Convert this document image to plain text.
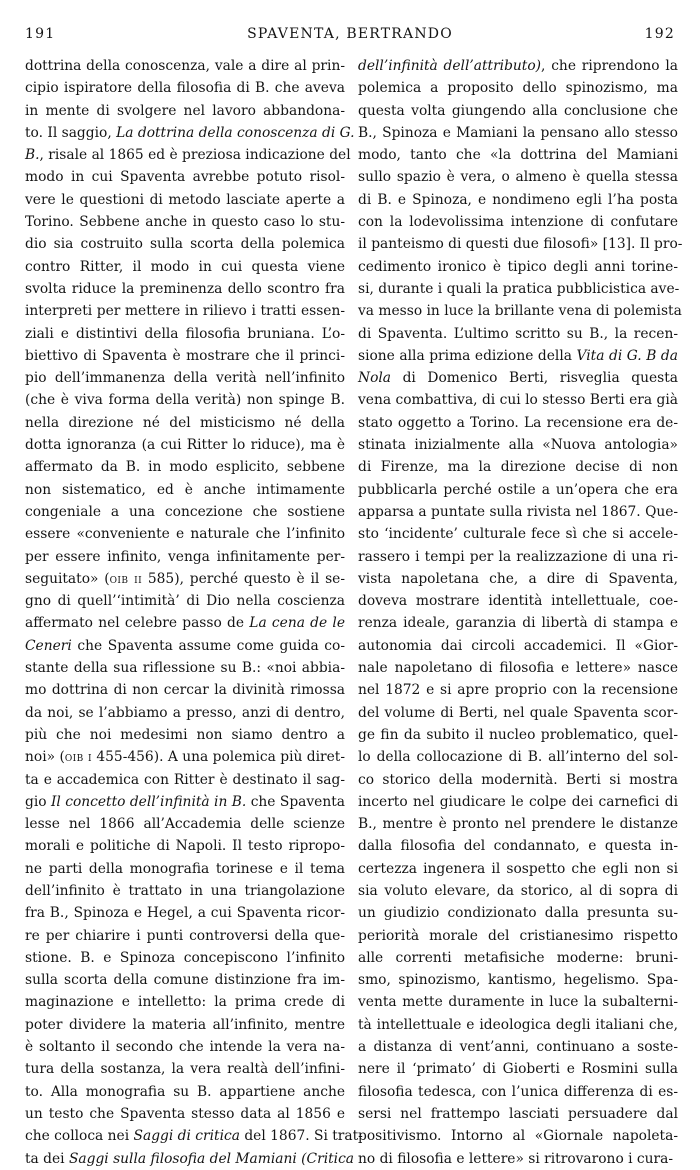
191	SPAVENTA, BERTRANDO	192
dottrina della conoscenza, vale a dire al prin-
cipio ispiratore della filosofia di B. che aveva
in mente di svolgere nel lavoro abbandona-
to. Il saggio, La dottrina della conoscenza di G.
B., risale al 1865 ed è preziosa indicazione del
modo in cui Spaventa avrebbe potuto risol-
vere le questioni di metodo lasciate aperte a
Torino. Sebbene anche in questo caso lo stu-
dio sia costruito sulla scorta della polemica
contro Ritter, il modo in cui questa viene
svolta riduce la preminenza dello scontro fra
interpreti per mettere in rilievo i tratti essen-
ziali e distintivi della filosofia bruniana. L’o-
biettivo di Spaventa è mostrare che il princi-
pio dell’immanenza della verità nell’infinito
(che è viva forma della verità) non spinge B.
nella direzione né del misticismo né della
dotta ignoranza (a cui Ritter lo riduce), ma è
affermato da B. in modo esplicito, sebbene
non sistematico, ed è anche intimamente
congeniale a una concezione che sostiene
essere «conveniente e naturale che l’infinito
per essere infinito, venga infinitamente per-
seguitato» (oib ii 585), perché questo è il se-
gno di quell’‘intimità’ di Dio nella coscienza
affermato nel celebre passo de La cena de le
Ceneri che Spaventa assume come guida co-
stante della sua riflessione su B.: «noi abbia-
mo dottrina di non cercar la divinità rimossa
da noi, se l’abbiamo a presso, anzi di dentro,
più che noi medesimi non siamo dentro a
noi» (oib i 455-456). A una polemica più diret-
ta e accademica con Ritter è destinato il sag-
gio Il concetto dell’infinità in B. che Spaventa
lesse nel 1866 all’Accademia delle scienze
morali e politiche di Napoli. Il testo ripropo-
ne parti della monografia torinese e il tema
dell’infinito è trattato in una triangolazione
fra B., Spinoza e Hegel, a cui Spaventa ricor-
re per chiarire i punti controversi della que-
stione. B. e Spinoza concepiscono l’infinito
sulla scorta della comune distinzione fra im-
maginazione e intelletto: la prima crede di
poter dividere la materia all’infinito, mentre
è soltanto il secondo che intende la vera na-
tura della sostanza, la vera realtà dell’infini-
to. Alla monografia su B. appartiene anche
un testo che Spaventa stesso data al 1856 e
che colloca nei Saggi di critica del 1867. Si trat-
ta dei Saggi sulla filosofia del Mamiani (Critica
dell’infinità dell’attributo), che riprendono la
polemica a proposito dello spinozismo, ma
questa volta giungendo alla conclusione che
B., Spinoza e Mamiani la pensano allo stesso
modo, tanto che «la dottrina del Mamiani
sullo spazio è vera, o almeno è quella stessa
di B. e Spinoza, e nondimeno egli l’ha posta
con la lodevolissima intenzione di confutare
il panteismo di questi due filosofi» [13]. Il pro-
cedimento ironico è tipico degli anni torine-
si, durante i quali la pratica pubblicistica ave-
va messo in luce la brillante vena di polemista
di Spaventa. L’ultimo scritto su B., la recen-
sione alla prima edizione della Vita di G. B da
Nola di Domenico Berti, risveglia questa
vena combattiva, di cui lo stesso Berti era già
stato oggetto a Torino. La recensione era de-
stinata inizialmente alla «Nuova antologia»
di Firenze, ma la direzione decise di non
pubblicarla perché ostile a un’opera che era
apparsa a puntate sulla rivista nel 1867. Que-
sto ‘incidente’ culturale fece sì che si accele-
rassero i tempi per la realizzazione di una ri-
vista napoletana che, a dire di Spaventa,
doveva mostrare identità intellettuale, coe-
renza ideale, garanzia di libertà di stampa e
autonomia dai circoli accademici. Il «Gior-
nale napoletano di filosofia e lettere» nasce
nel 1872 e si apre proprio con la recensione
del volume di Berti, nel quale Spaventa scor-
ge fin da subito il nucleo problematico, quel-
lo della collocazione di B. all’interno del sol-
co storico della modernità. Berti si mostra
incerto nel giudicare le colpe dei carnefici di
B., mentre è pronto nel prendere le distanze
dalla filosofia del condannato, e questa in-
certezza ingenera il sospetto che egli non si
sia voluto elevare, da storico, al di sopra di
un giudizio condizionato dalla presunta su-
periorità morale del cristianesimo rispetto
alle correnti metafisiche moderne: bruni-
smo, spinozismo, kantismo, hegelismo. Spa-
venta mette duramente in luce la subalterni-
tà intellettuale e ideologica degli italiani che,
a distanza di vent’anni, continuano a soste-
nere il ‘primato’ di Gioberti e Rosmini sulla
filosofia tedesca, con l’unica differenza di es-
sersi nel frattempo lasciati persuadere dal
positivismo. Intorno al «Giornale napoleta-
no di filosofia e lettere» si ritrovarono i cura-
